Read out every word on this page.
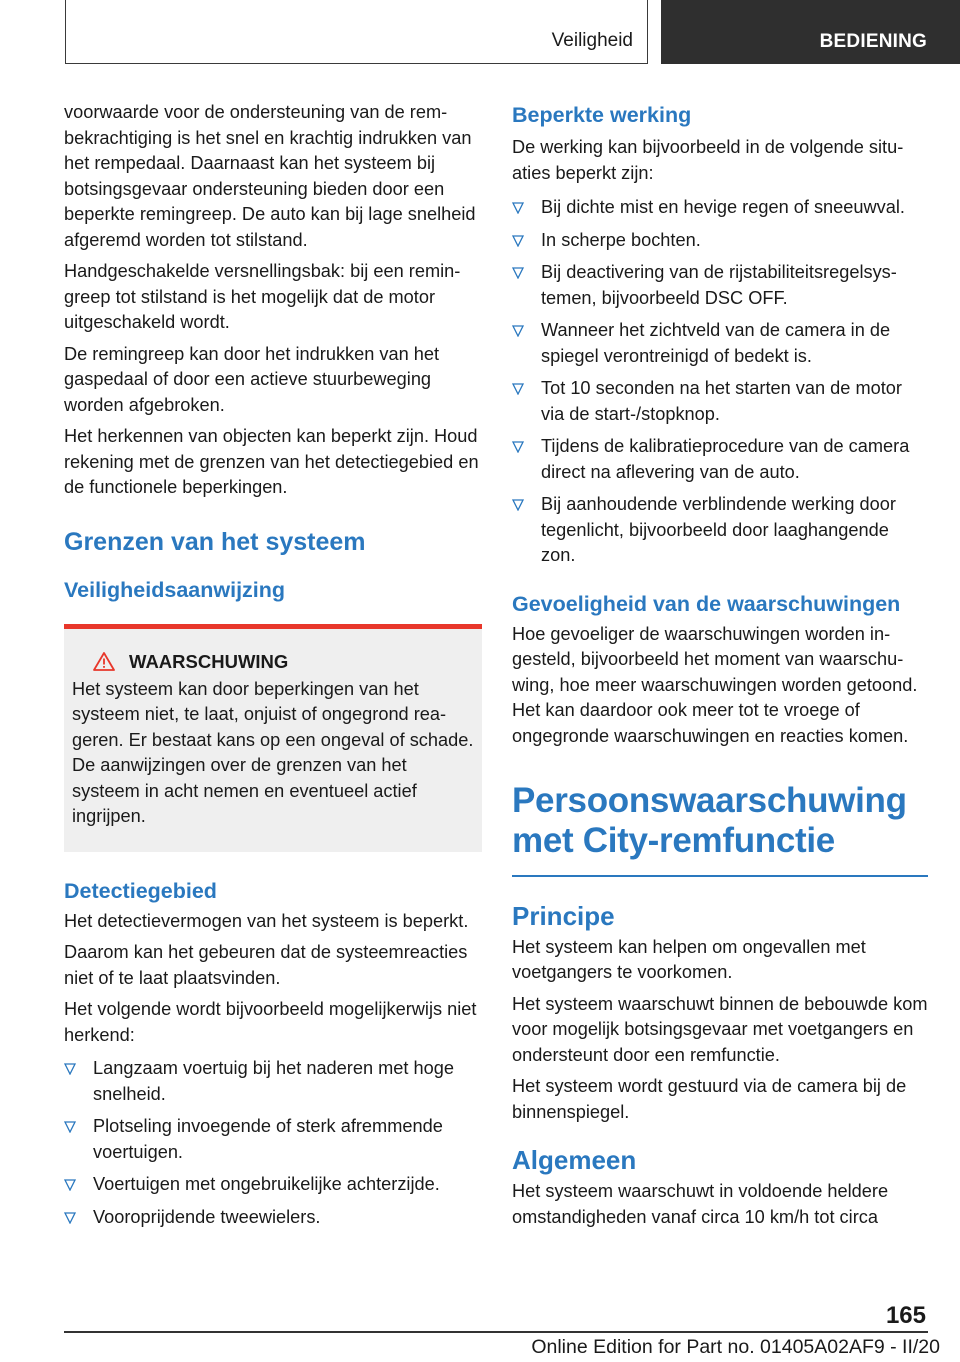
Veiligheid	BEDIENING

voorwaarde voor de ondersteuning van de rembekrachtiging is het snel en krachtig indrukken van het rempedaal. Daarnaast kan het systeem bij botsingsgevaar ondersteuning bieden door een beperkte remingreep. De auto kan bij lage snelheid afgeremd worden tot stilstand.

Handgeschakelde versnellingsbak: bij een remingreep tot stilstand is het mogelijk dat de motor uitgeschakeld wordt.

De remingreep kan door het indrukken van het gaspedaal of door een actieve stuurbeweging worden afgebroken.

Het herkennen van objecten kan beperkt zijn. Houd rekening met de grenzen van het detectiegebied en de functionele beperkingen.

Grenzen van het systeem
Veiligheidsaanwijzing
WAARSCHUWING

Het systeem kan door beperkingen van het systeem niet, te laat, onjuist of ongegrond reageren. Er bestaat kans op een ongeval of schade. De aanwijzingen over de grenzen van het systeem in acht nemen en eventueel actief ingrijpen.

Detectiegebied

Het detectievermogen van het systeem is beperkt.

Daarom kan het gebeuren dat de systeemreacties niet of te laat plaatsvinden.

Het volgende wordt bijvoorbeeld mogelijkerwijs niet herkend:

Langzaam voertuig bij het naderen met hoge snelheid.
Plotseling invoegende of sterk afremmende voertuigen.
Voertuigen met ongebruikelijke achterzijde.
Vooroprijdende tweewielers.
Beperkte werking

De werking kan bijvoorbeeld in de volgende situaties beperkt zijn:

Bij dichte mist en hevige regen of sneeuwval.
In scherpe bochten.
Bij deactivering van de rijstabiliteitsregelsystemen, bijvoorbeeld DSC OFF.
Wanneer het zichtveld van de camera in de spiegel verontreinigd of bedekt is.
Tot 10 seconden na het starten van de motor via de start-/stopknop.
Tijdens de kalibratieprocedure van de camera direct na aflevering van de auto.
Bij aanhoudende verblindende werking door tegenlicht, bijvoorbeeld door laaghangende zon.
Gevoeligheid van de waarschuwingen

Hoe gevoeliger de waarschuwingen worden ingesteld, bijvoorbeeld het moment van waarschuwing, hoe meer waarschuwingen worden getoond. Het kan daardoor ook meer tot te vroege of ongegronde waarschuwingen en reacties komen.

Persoonswaarschuwing met City-remfunctie
Principe

Het systeem kan helpen om ongevallen met voetgangers te voorkomen.

Het systeem waarschuwt binnen de bebouwde kom voor mogelijk botsingsgevaar met voetgangers en ondersteunt door een remfunctie.

Het systeem wordt gestuurd via de camera bij de binnenspiegel.

Algemeen

Het systeem waarschuwt in voldoende heldere omstandigheden vanaf circa 10 km/h tot circa

165
Online Edition for Part no. 01405A02AF9 - II/20
